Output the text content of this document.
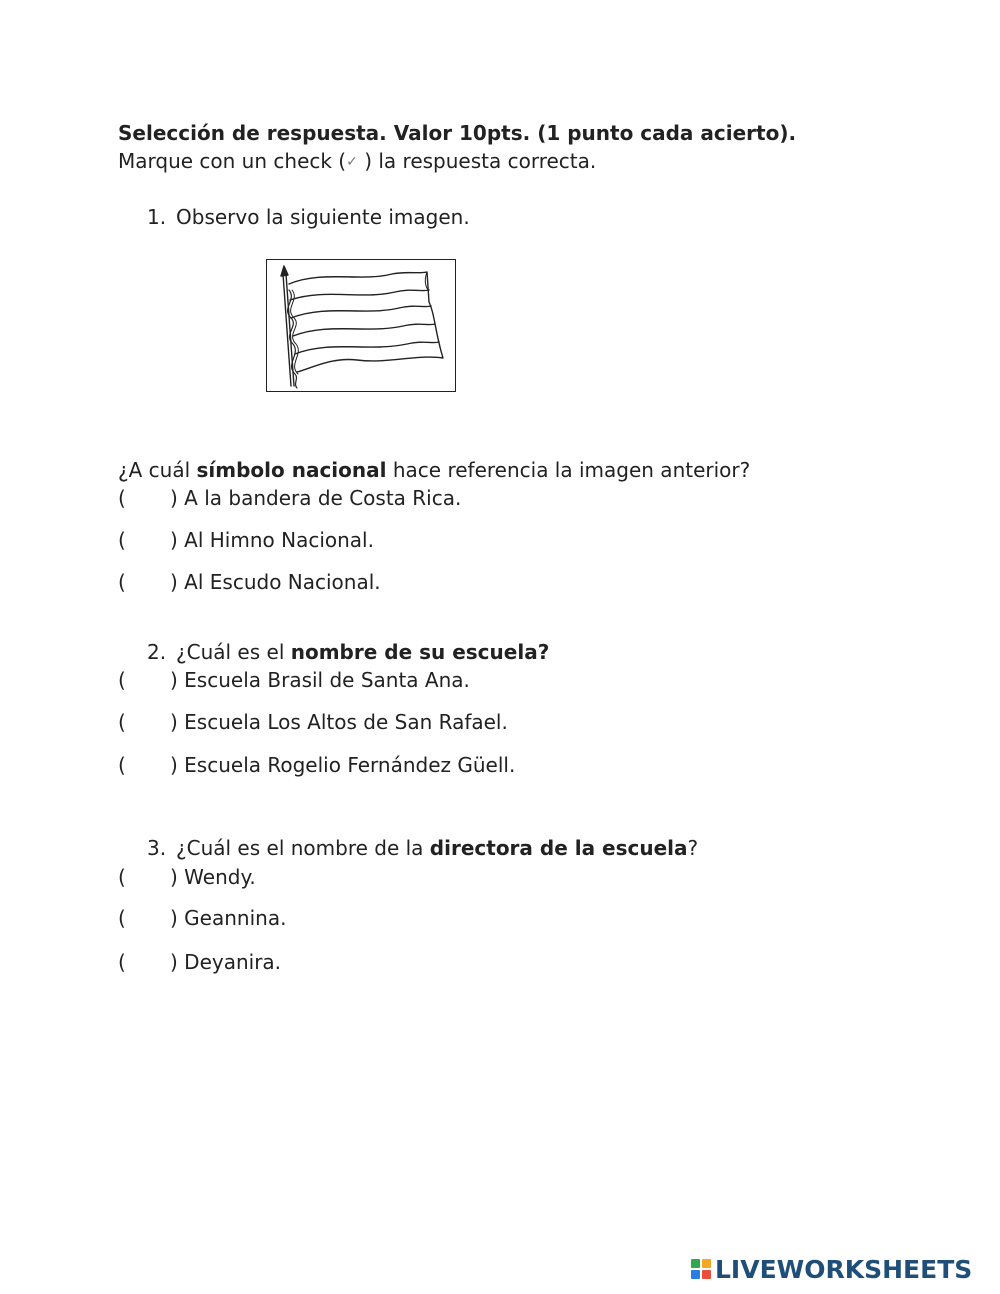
Selección de respuesta. Valor 10pts. (1 punto cada acierto).
Marque con un check (✓ ) la respuesta correcta.
1. Observo la siguiente imagen.
¿A cuál símbolo nacional hace referencia la imagen anterior?
( ) A la bandera de Costa Rica.
( ) Al Himno Nacional.
( ) Al Escudo Nacional.
2. ¿Cuál es el nombre de su escuela?
( ) Escuela Brasil de Santa Ana.
( ) Escuela Los Altos de San Rafael.
( ) Escuela Rogelio Fernández Güell.
3. ¿Cuál es el nombre de la directora de la escuela?
( ) Wendy.
( ) Geannina.
( ) Deyanira.
LIVEWORKSHEETS
